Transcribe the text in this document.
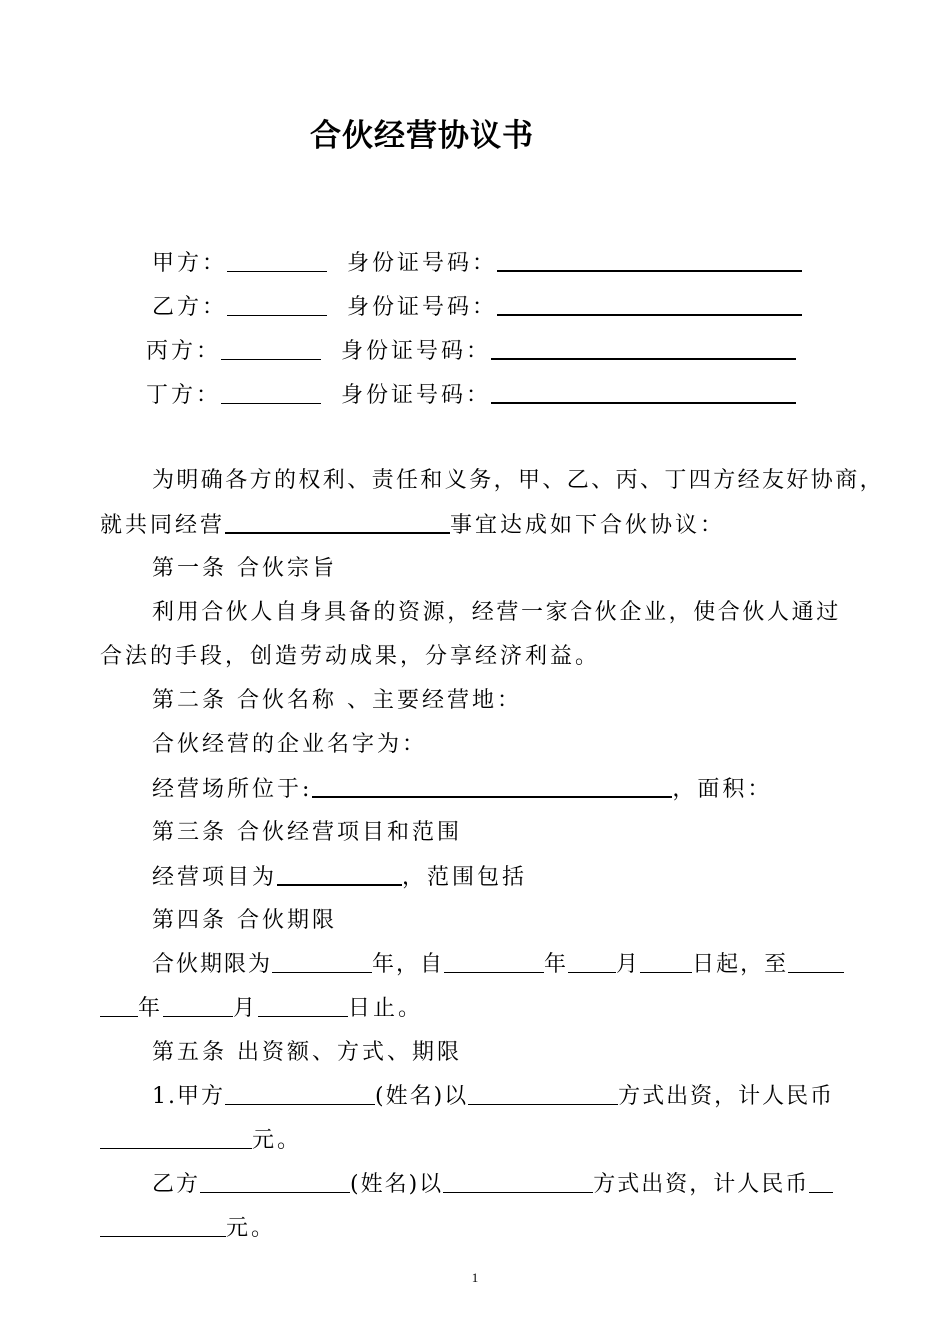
合伙经营协议书
甲方：	身份证号码：
乙方：	身份证号码：
丙方：	身份证号码：
丁方：	身份证号码：
为明确各方的权利、责任和义务，甲、乙、丙、丁四方经友好协商，
就共同经营	事宜达成如下合伙协议：
第一条 合伙宗旨
利用合伙人自身具备的资源，经营一家合伙企业，使合伙人通过
合法的手段，创造劳动成果，分享经济利益。
第二条 合伙名称 、主要经营地：
合伙经营的企业名字为：
经营场所位于:	，面积：
第三条 合伙经营项目和范围
经营项目为	，范围包括
第四条 合伙期限
合伙期限为	年，自	年 月 日起，至
年	月	日止。
第五条 出资额、方式、期限
1.甲方	(姓名)以	方式出资，计人民币
元。
乙方	(姓名)以	方式出资，计人民币
元。
1
